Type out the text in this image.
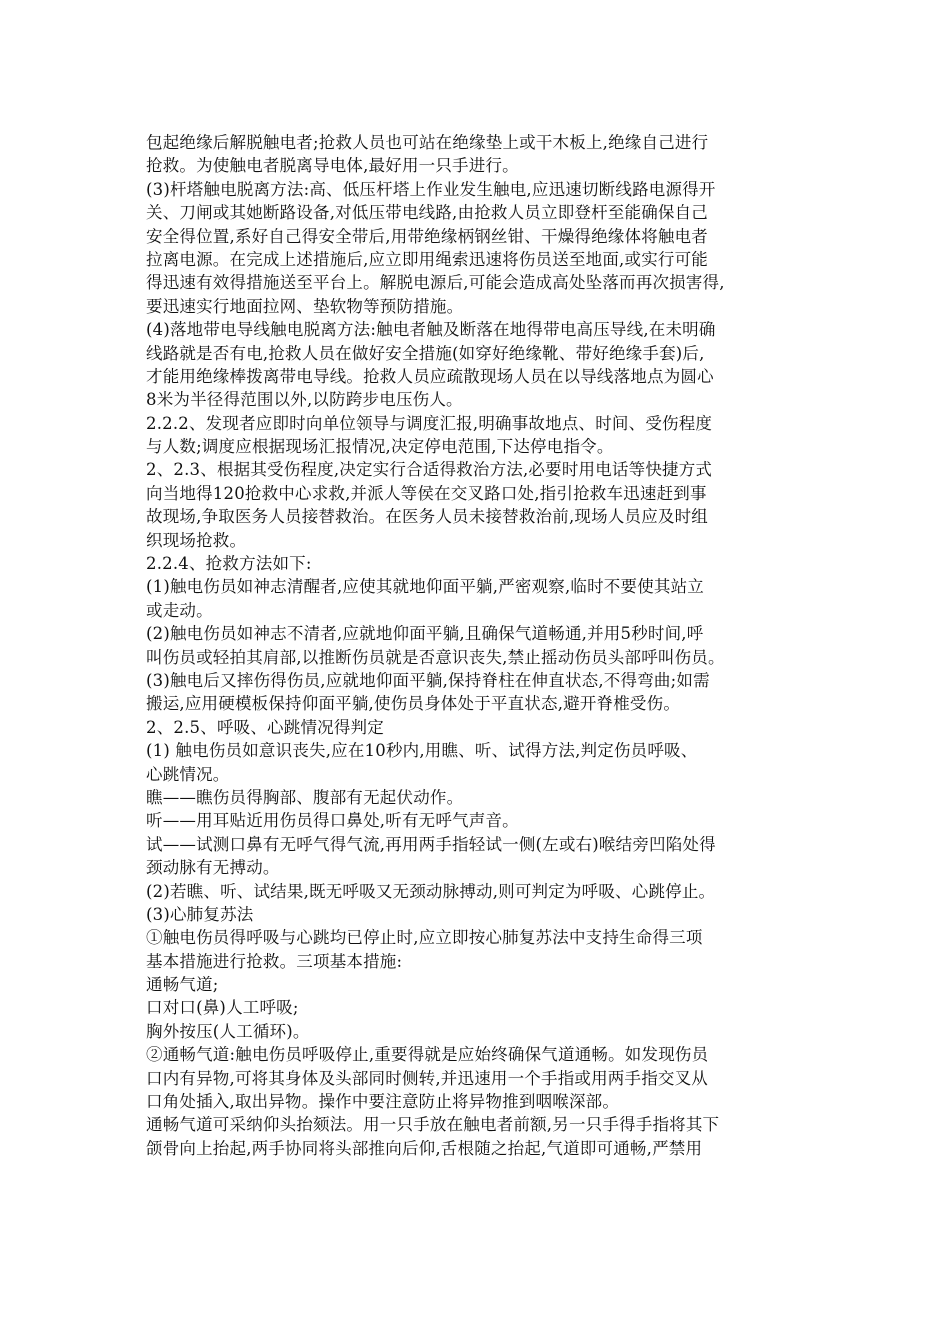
包起绝缘后解脱触电者;抢救人员也可站在绝缘垫上或干木板上,绝缘自己进行
抢救。为使触电者脱离导电体,最好用一只手进行。
(3)杆塔触电脱离方法:高、低压杆塔上作业发生触电,应迅速切断线路电源得开
关、刀闸或其她断路设备,对低压带电线路,由抢救人员立即登杆至能确保自己
安全得位置,系好自己得安全带后,用带绝缘柄钢丝钳、干燥得绝缘体将触电者
拉离电源。在完成上述措施后,应立即用绳索迅速将伤员送至地面,或实行可能
得迅速有效得措施送至平台上。解脱电源后,可能会造成高处坠落而再次损害得,
要迅速实行地面拉网、垫软物等预防措施。
(4)落地带电导线触电脱离方法:触电者触及断落在地得带电高压导线,在未明确
线路就是否有电,抢救人员在做好安全措施(如穿好绝缘靴、带好绝缘手套)后,
才能用绝缘棒拨离带电导线。抢救人员应疏散现场人员在以导线落地点为圆心
8米为半径得范围以外,以防跨步电压伤人。
2.2.2、发现者应即时向单位领导与调度汇报,明确事故地点、时间、受伤程度
与人数;调度应根据现场汇报情况,决定停电范围,下达停电指令。
2、2.3、根据其受伤程度,决定实行合适得救治方法,必要时用电话等快捷方式
向当地得120抢救中心求救,并派人等侯在交叉路口处,指引抢救车迅速赶到事
故现场,争取医务人员接替救治。在医务人员未接替救治前,现场人员应及时组
织现场抢救。
2.2.4、抢救方法如下:
(1)触电伤员如神志清醒者,应使其就地仰面平躺,严密观察,临时不要使其站立
或走动。
(2)触电伤员如神志不清者,应就地仰面平躺,且确保气道畅通,并用5秒时间,呼
叫伤员或轻拍其肩部,以推断伤员就是否意识丧失,禁止摇动伤员头部呼叫伤员。
(3)触电后又摔伤得伤员,应就地仰面平躺,保持脊柱在伸直状态,不得弯曲;如需
搬运,应用硬模板保持仰面平躺,使伤员身体处于平直状态,避开脊椎受伤。
2、2.5、呼吸、心跳情况得判定
(1) 触电伤员如意识丧失,应在10秒内,用瞧、听、试得方法,判定伤员呼吸、
心跳情况。
瞧——瞧伤员得胸部、腹部有无起伏动作。
听——用耳贴近用伤员得口鼻处,听有无呼气声音。
试——试测口鼻有无呼气得气流,再用两手指轻试一侧(左或右)喉结旁凹陷处得
颈动脉有无搏动。
(2)若瞧、听、试结果,既无呼吸又无颈动脉搏动,则可判定为呼吸、心跳停止。
(3)心肺复苏法
①触电伤员得呼吸与心跳均已停止时,应立即按心肺复苏法中支持生命得三项
基本措施进行抢救。三项基本措施:
通畅气道;
口对口(鼻)人工呼吸;
胸外按压(人工循环)。
②通畅气道:触电伤员呼吸停止,重要得就是应始终确保气道通畅。如发现伤员
口内有异物,可将其身体及头部同时侧转,并迅速用一个手指或用两手指交叉从
口角处插入,取出异物。操作中要注意防止将异物推到咽喉深部。
通畅气道可采纳仰头抬颏法。用一只手放在触电者前额,另一只手得手指将其下
颌骨向上抬起,两手协同将头部推向后仰,舌根随之抬起,气道即可通畅,严禁用
